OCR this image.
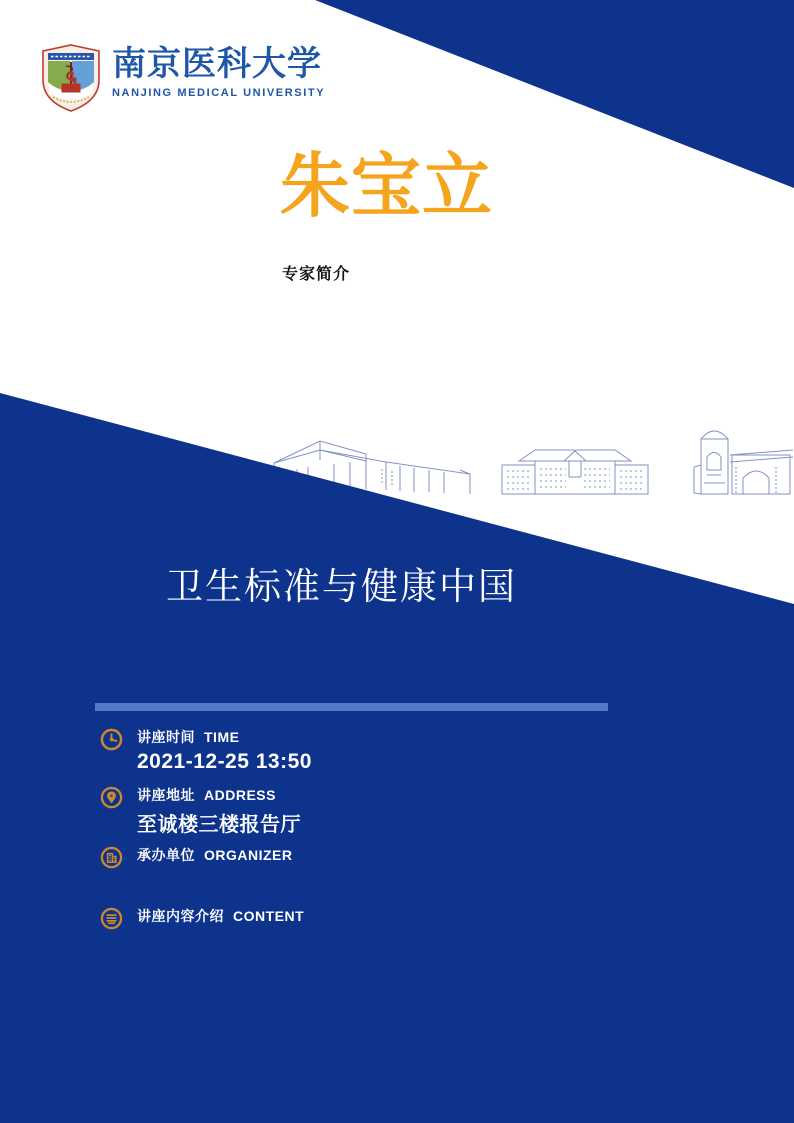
南京医科大学
NANJING MEDICAL UNIVERSITY
朱宝立
专家简介
卫生标准与健康中国
讲座时间 TIME
2021-12-25 13:50
讲座地址 ADDRESS
至诚楼三楼报告厅
承办单位 ORGANIZER
讲座内容介绍 CONTENT
